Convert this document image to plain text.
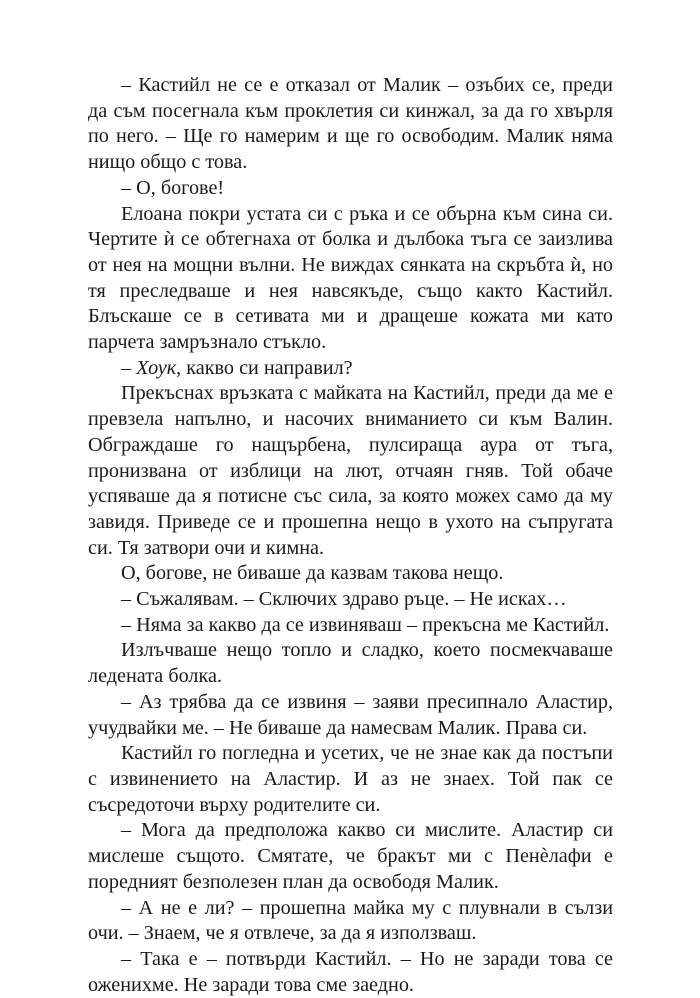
– Кастийл не се е отказал от Малик – озъбих се, преди да съм посегнала към проклетия си кинжал, за да го хвърля по него. – Ще го намерим и ще го освободим. Малик няма нищо общо с това.

– О, богове!

Елоана покри устата си с ръка и се обърна към сина си. Чертите ѝ се обтегнаха от болка и дълбока тъга се заизлива от нея на мощни вълни. Не виждах сянката на скръбта ѝ, но тя преследваше и нея навсякъде, също както Кастийл. Блъскаше се в сетивата ми и дращеше кожата ми като парчета замръзнало стъкло.

– Хоук, какво си направил?

Прекъснах връзката с майката на Кастийл, преди да ме е превзела напълно, и насочих вниманието си към Валин. Обграждаше го нащърбена, пулсираща аура от тъга, пронизвана от изблици на лют, отчаян гняв. Той обаче успяваше да я потисне със сила, за която можех само да му завидя. Приведе се и прошепна нещо в ухото на съпругата си. Тя затвори очи и кимна.

О, богове, не биваше да казвам такова нещо.

– Съжалявам. – Сключих здраво ръце. – Не исках…

– Няма за какво да се извиняваш – прекъсна ме Кастийл.

Излъчваше нещо топло и сладко, което посмекчаваше ледената болка.

– Аз трябва да се извиня – заяви пресипнало Аластир, учудвайки ме. – Не биваше да намесвам Малик. Права си.

Кастийл го погледна и усетих, че не знае как да постъпи с извинението на Аластир. И аз не знаех. Той пак се съсредоточи върху родителите си.

– Мога да предположа какво си мислите. Аластир си мислеше същото. Смятате, че бракът ми с Пенèлафи е поредният безполезен план да освободя Малик.

– А не е ли? – прошепна майка му с плувнали в сълзи очи. – Знаем, че я отвлече, за да я използваш.

– Така е – потвърди Кастийл. – Но не заради това се оженихме. Не заради това сме заедно.
